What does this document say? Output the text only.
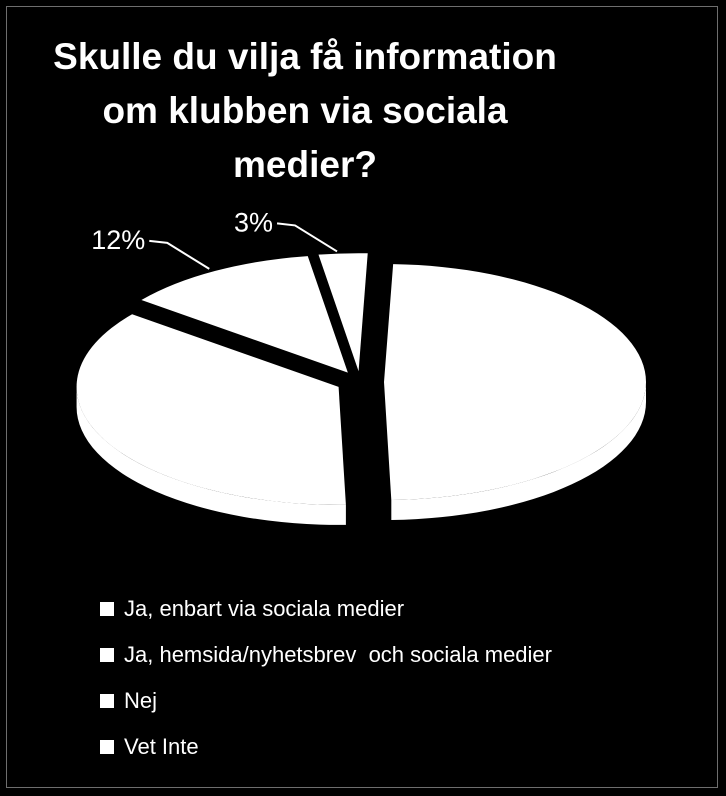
Skulle du vilja få information
om klubben via sociala
medier?
12%
3%
Ja, enbart via sociala medier
Ja, hemsida/nyhetsbrev  och sociala medier
Nej
Vet Inte
